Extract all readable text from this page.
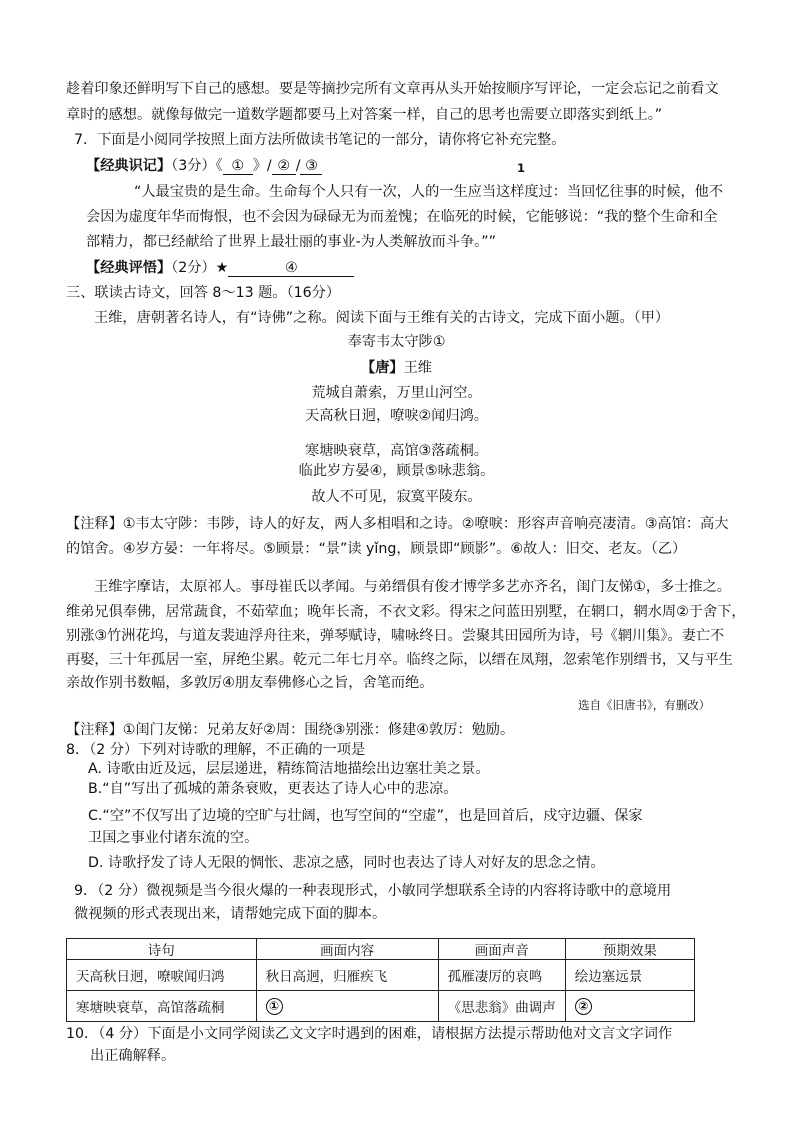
趁着印象还鲜明写下自己的感想。要是等摘抄完所有文章再从头开始按顺序写评论，一定会忘记之前看文
章时的感想。就像每做完一道数学题都要马上对答案一样，自己的思考也需要立即落实到纸上。”
7．下面是小阅同学按照上面方法所做读书笔记的一部分，请你将它补充完整。
【经典识记】（3分）《 ① 》/ ② / ③	1
“人最宝贵的是生命。生命每个人只有一次，人的一生应当这样度过：当回忆往事的时候，他不
会因为虚度年华而悔恨，也不会因为碌碌无为而羞愧；在临死的时候，它能够说：“我的整个生命和全
部精力，都已经献给了世界上最壮丽的事业-为人类解放而斗争。””
【经典评悟】（2分）★	④
三、联读古诗文，回答 8～13 题。（16分）
王维，唐朝著名诗人，有“诗佛”之称。阅读下面与王维有关的古诗文，完成下面小题。（甲）
奉寄韦太守陟①
【唐】王维
荒城自萧索，万里山河空。
天高秋日迥，嘹唳②闻归鸿。
寒塘映衰草，高馆③落疏桐。
临此岁方晏④，顾景⑤咏悲翁。
故人不可见，寂寞平陵东。
【注释】①韦太守陟：韦陟，诗人的好友，两人多相唱和之诗。②嘹唳：形容声音响亮凄清。③高馆：高大
的馆舍。④岁方晏：一年将尽。⑤顾景：“景”读 yǐng，顾景即“顾影”。⑥故人：旧交、老友。（乙）
王维字摩诘，太原祁人。事母崔氏以孝闻。与弟缙俱有俊才博学多艺亦齐名，闺门友悌①，多士推之。
维弟兄俱奉佛，居常蔬食，不茹荤血；晚年长斋，不衣文彩。得宋之问蓝田别墅，在辋口，辋水周②于舍下，
别涨③竹洲花坞，与道友裴迪浮舟往来，弹琴赋诗，啸咏终日。尝聚其田园所为诗，号《辋川集》。妻亡不
再娶，三十年孤居一室，屏绝尘累。乾元二年七月卒。临终之际，以缙在凤翔，忽索笔作别缙书，又与平生
亲故作别书数幅，多敦厉④朋友奉佛修心之旨，舍笔而绝。
选自《旧唐书》，有删改）
【注释】①闺门友悌：兄弟友好②周：围绕③别涨：修建④敦厉：勉励。
8．（2 分）下列对诗歌的理解，不正确的一项是
A. 诗歌由近及远，层层递进，精练简洁地描绘出边塞壮美之景。
B.“自”写出了孤城的萧条衰败，更表达了诗人心中的悲凉。
C.“空”不仅写出了边境的空旷与壮阔，也写空间的“空虚”，也是回首后，戍守边疆、保家
卫国之事业付诸东流的空。
D. 诗歌抒发了诗人无限的惆怅、悲凉之感，同时也表达了诗人对好友的思念之情。
9．（2 分）微视频是当今很火爆的一种表现形式，小敏同学想联系全诗的内容将诗歌中的意境用
微视频的形式表现出来，请帮她完成下面的脚本。
诗句	画面内容	画面声音	预期效果
天高秋日迥，嘹唳闻归鸿	秋日高迥，归雁疾飞	孤雁凄厉的哀鸣	绘边塞远景
寒塘映衰草，高馆落疏桐	①	《思悲翁》曲调声	②
10．（4 分）下面是小文同学阅读乙文文字时遇到的困难，请根据方法提示帮助他对文言文字词作
出正确解释。
